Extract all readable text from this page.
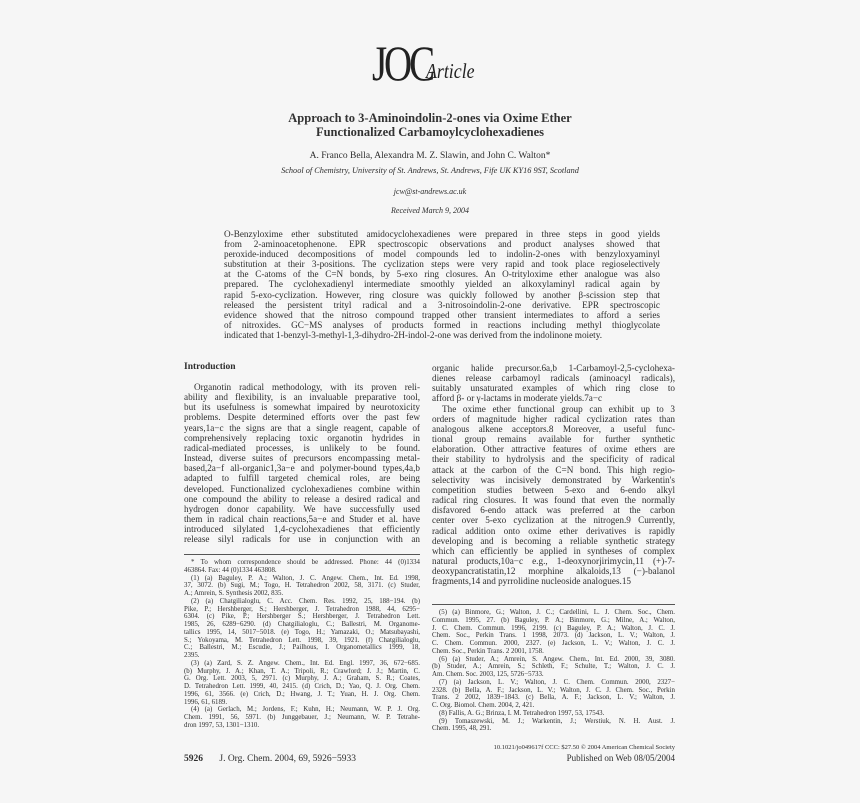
JOC
Article
Approach to 3-Aminoindolin-2-ones via Oxime Ether
Functionalized Carbamoylcyclohexadienes
A. Franco Bella, Alexandra M. Z. Slawin, and John C. Walton*
School of Chemistry, University of St. Andrews, St. Andrews, Fife UK KY16 9ST, Scotland
jcw@st-andrews.ac.uk
Received March 9, 2004
O-Benzyloxime ether substituted amidocyclohexadienes were prepared in three steps in good yields
from 2-aminoacetophenone. EPR spectroscopic observations and product analyses showed that
peroxide-induced decompositions of model compounds led to indolin-2-ones with benzyloxyaminyl
substitution at their 3-positions. The cyclization steps were very rapid and took place regioselectively
at the C-atoms of the C=N bonds, by 5-exo ring closures. An O-trityloxime ether analogue was also
prepared. The cyclohexadienyl intermediate smoothly yielded an alkoxylaminyl radical again by
rapid 5-exo-cyclization. However, ring closure was quickly followed by another β-scission step that
released the persistent trityl radical and a 3-nitrosoindolin-2-one derivative. EPR spectroscopic
evidence showed that the nitroso compound trapped other transient intermediates to afford a series
of nitroxides. GC−MS analyses of products formed in reactions including methyl thioglycolate
indicated that 1-benzyl-3-methyl-1,3-dihydro-2H-indol-2-one was derived from the indolinone moiety.
Introduction
Organotin radical methodology, with its proven reli-
ability and flexibility, is an invaluable preparative tool,
but its usefulness is somewhat impaired by neurotoxicity
problems. Despite determined efforts over the past few
years,1a−c the signs are that a single reagent, capable of
comprehensively replacing toxic organotin hydrides in
radical-mediated processes, is unlikely to be found.
Instead, diverse suites of precursors encompassing metal-
based,2a−f all-organic1,3a−e and polymer-bound types,4a,b
adapted to fulfill targeted chemical roles, are being
developed. Functionalized cyclohexadienes combine within
one compound the ability to release a desired radical and
hydrogen donor capability. We have successfully used
them in radical chain reactions,5a−e and Studer et al. have
introduced silylated 1,4-cyclohexadienes that efficiently
release silyl radicals for use in conjunction with an
organic halide precursor.6a,b 1-Carbamoyl-2,5-cyclohexa-
dienes release carbamoyl radicals (aminoacyl radicals),
suitably unsaturated examples of which ring close to
afford β- or γ-lactams in moderate yields.7a−c
The oxime ether functional group can exhibit up to 3
orders of magnitude higher radical cyclization rates than
analogous alkene acceptors.8 Moreover, a useful func-
tional group remains available for further synthetic
elaboration. Other attractive features of oxime ethers are
their stability to hydrolysis and the specificity of radical
attack at the carbon of the C=N bond. This high regio-
selectivity was incisively demonstrated by Warkentin's
competition studies between 5-exo and 6-endo alkyl
radical ring closures. It was found that even the normally
disfavored 6-endo attack was preferred at the carbon
center over 5-exo cyclization at the nitrogen.9 Currently,
radical addition onto oxime ether derivatives is rapidly
developing and is becoming a reliable synthetic strategy
which can efficiently be applied in syntheses of complex
natural products,10a−c e.g., 1-deoxynorjirimycin,11 (+)-7-
deoxypancratistatin,12 morphine alkaloids,13 (−)-balanol
fragments,14 and pyrrolidine nucleoside analogues.15
* To whom correspondence should be addressed. Phone: 44 (0)1334
463864. Fax: 44 (0)1334 463808.
(1) (a) Baguley, P. A.; Walton, J. C. Angew. Chem., Int. Ed. 1998,
37, 3072. (b) Sugi, M.; Togo, H. Tetrahedron 2002, 58, 3171. (c) Studer,
A.; Amrein, S. Synthesis 2002, 835.
(2) (a) Chatgilialoglu, C. Acc. Chem. Res. 1992, 25, 188−194. (b)
Pike, P.; Hershberger, S.; Hershberger, J. Tetrahedron 1988, 44, 6295−
6304. (c) Pike, P.; Hershberger S.; Hershberger, J. Tetrahedron Lett.
1985, 26, 6289−6290. (d) Chatgilialoglu, C.; Ballestri, M. Organome-
tallics 1995, 14, 5017−5018. (e) Togo, H.; Yamazaki, O.; Matsubayashi,
S.; Yokoyama, M. Tetrahedron Lett. 1998, 39, 1921. (f) Chatgilialoglu,
C.; Ballestri, M.; Escudie, J.; Pailhous, I. Organometallics 1999, 18,
2395.
(3) (a) Zard, S. Z. Angew. Chem., Int. Ed. Engl. 1997, 36, 672−685.
(b) Murphy, J. A.; Khan, T. A.; Tripoli, R.; Crawford; J. J.; Martin, C.
G. Org. Lett. 2003, 5, 2971. (c) Murphy, J. A.; Graham, S. R.; Coates,
D. Tetrahedron Lett. 1999, 40, 2415. (d) Crich, D.; Yao, Q. J. Org. Chem.
1996, 61, 3566. (e) Crich, D.; Hwang, J. T.; Yuan, H. J. Org. Chem.
1996, 61, 6189.
(4) (a) Gerlach, M.; Jordens, F.; Kuhn, H.; Neumann, W. P. J. Org.
Chem. 1991, 56, 5971. (b) Junggebauer, J.; Neumann, W. P. Tetrahe-
dron 1997, 53, 1301−1310.
(5) (a) Binmore, G.; Walton, J. C.; Cardellini, L. J. Chem. Soc., Chem.
Commun. 1995, 27. (b) Baguley, P. A.; Binmore, G.; Milne, A.; Walton,
J. C. Chem. Commun. 1996, 2199. (c) Baguley, P. A.; Walton, J. C. J.
Chem. Soc., Perkin Trans. 1 1998, 2073. (d) Jackson, L. V.; Walton, J.
C. Chem. Commun. 2000, 2327. (e) Jackson, L. V.; Walton, J. C. J.
Chem. Soc., Perkin Trans. 2 2001, 1758.
(6) (a) Studer, A.; Amrein, S. Angew. Chem., Int. Ed. 2000, 39, 3080.
(b) Studer, A.; Amrein, S.; Schleth, F.; Schulte, T.; Walton, J. C. J.
Am. Chem. Soc. 2003, 125, 5726−5733.
(7) (a) Jackson, L. V.; Walton, J. C. Chem. Commun. 2000, 2327−
2328. (b) Bella, A. F.; Jackson, L. V.; Walton, J. C. J. Chem. Soc., Perkin
Trans. 2 2002, 1839−1843. (c) Bella, A. F.; Jackson, L. V.; Walton, J.
C. Org. Biomol. Chem. 2004, 2, 421.
(8) Fallis, A. G.; Brinza, I. M. Tetrahedron 1997, 53, 17543.
(9) Tomaszewski, M. J.; Warkentin, J.; Werstiuk, N. H. Aust. J.
Chem. 1995, 48, 291.
5926 J. Org. Chem. 2004, 69, 5926−5933
10.1021/jo049617f CCC: $27.50 © 2004 American Chemical Society
Published on Web 08/05/2004
